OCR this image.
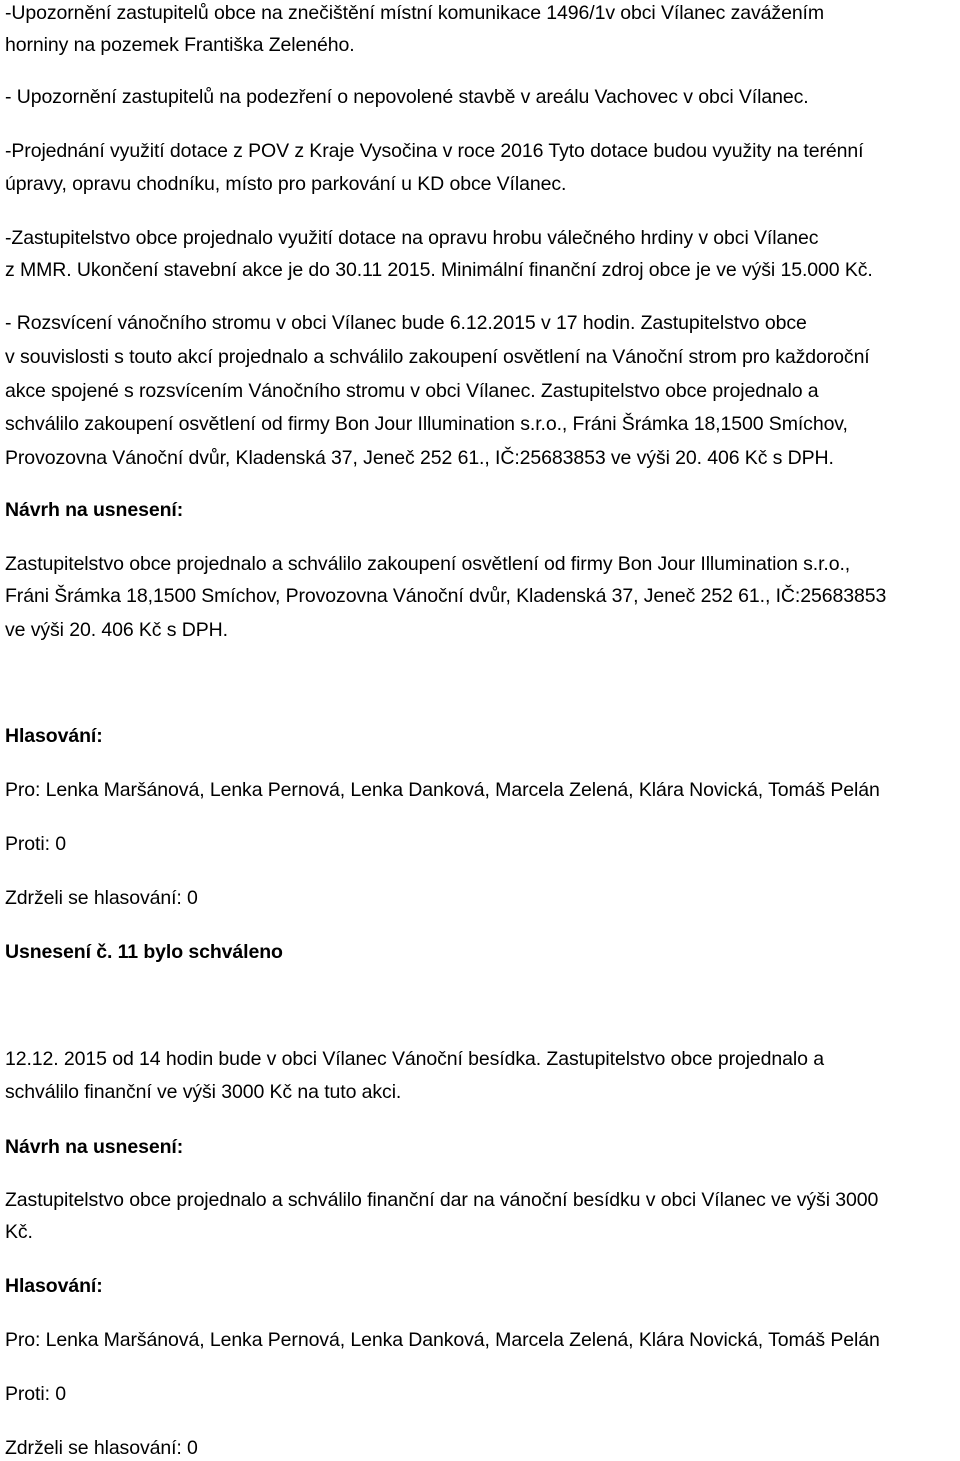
-Upozornění zastupitelů obce na znečištění místní komunikace 1496/1v obci Vílanec zavážením
horniny na pozemek Františka Zeleného.
- Upozornění zastupitelů na podezření o nepovolené stavbě v areálu Vachovec v obci Vílanec.
-Projednání využití dotace z POV z Kraje Vysočina v roce 2016 Tyto dotace budou využity na terénní
úpravy, opravu chodníku, místo pro parkování u KD obce Vílanec.
-Zastupitelstvo obce projednalo využití dotace na opravu hrobu válečného hrdiny v obci Vílanec
z MMR. Ukončení stavební akce je do 30.11 2015. Minimální finanční zdroj obce je ve výši 15.000 Kč.
- Rozsvícení vánočního stromu v obci Vílanec bude 6.12.2015 v 17 hodin. Zastupitelstvo obce
v souvislosti s touto akcí projednalo a schválilo zakoupení osvětlení na Vánoční strom pro každoroční
akce spojené s rozsvícením Vánočního stromu v obci Vílanec. Zastupitelstvo obce projednalo a
schválilo zakoupení osvětlení od firmy Bon Jour Illumination s.r.o., Fráni Šrámka 18,1500 Smíchov,
Provozovna Vánoční dvůr, Kladenská 37, Jeneč 252 61., IČ:25683853 ve výši 20. 406 Kč s DPH.
Návrh na usnesení:
Zastupitelstvo obce projednalo a schválilo zakoupení osvětlení od firmy Bon Jour Illumination s.r.o.,
Fráni Šrámka 18,1500 Smíchov, Provozovna Vánoční dvůr, Kladenská 37, Jeneč 252 61., IČ:25683853
ve výši 20. 406 Kč s DPH.
Hlasování:
Pro: Lenka Maršánová, Lenka Pernová, Lenka Danková, Marcela Zelená, Klára Novická, Tomáš Pelán
Proti: 0
Zdrželi se hlasování: 0
Usnesení č. 11 bylo schváleno
12.12. 2015 od 14 hodin bude v obci Vílanec Vánoční besídka. Zastupitelstvo obce projednalo a
schválilo finanční ve výši 3000 Kč na tuto akci.
Návrh na usnesení:
Zastupitelstvo obce projednalo a schválilo finanční dar na vánoční besídku v obci Vílanec ve výši 3000
Kč.
Hlasování:
Pro: Lenka Maršánová, Lenka Pernová, Lenka Danková, Marcela Zelená, Klára Novická, Tomáš Pelán
Proti: 0
Zdrželi se hlasování: 0
